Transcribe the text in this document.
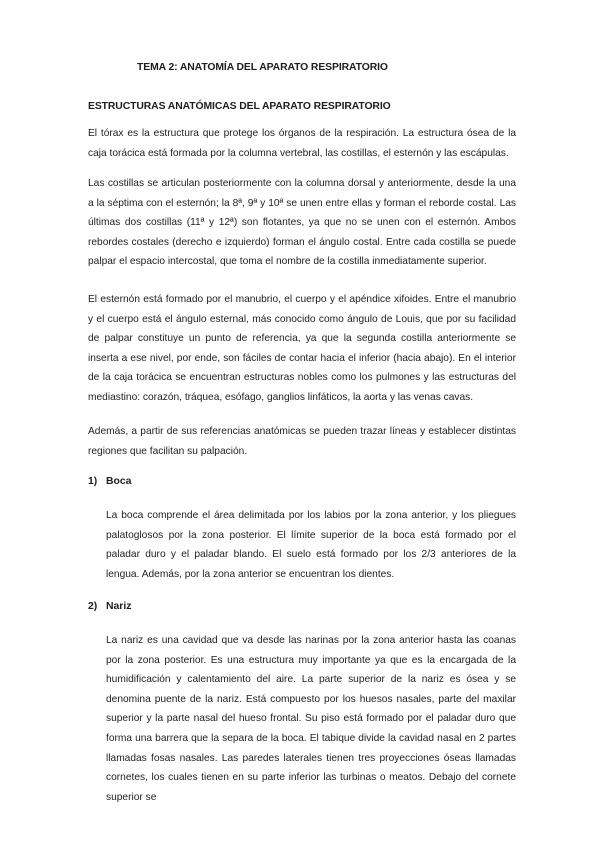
TEMA 2: ANATOMÍA DEL APARATO RESPIRATORIO
ESTRUCTURAS ANATÓMICAS DEL APARATO RESPIRATORIO

El tórax es la estructura que protege los órganos de la respiración. La estructura ósea de la caja torácica está formada por la columna vertebral, las costillas, el esternón y las escápulas.

Las costillas se articulan posteriormente con la columna dorsal y anteriormente, desde la una a la séptima con el esternón; la 8ª, 9ª y 10ª se unen entre ellas y forman el reborde costal. Las últimas dos costillas (11ª y 12ª) son flotantes, ya que no se unen con el esternón. Ambos rebordes costales (derecho e izquierdo) forman el ángulo costal. Entre cada costilla se puede palpar el espacio intercostal, que toma el nombre de la costilla inmediatamente superior.

El esternón está formado por el manubrio, el cuerpo y el apéndice xifoides. Entre el manubrio y el cuerpo está el ángulo esternal, más conocido como ángulo de Louis, que por su facilidad de palpar constituye un punto de referencia, ya que la segunda costilla anteriormente se inserta a ese nivel, por ende, son fáciles de contar hacia el inferior (hacia abajo). En el interior de la caja torácica se encuentran estructuras nobles como los pulmones y las estructuras del mediastino: corazón, tráquea, esófago, ganglios linfáticos, la aorta y las venas cavas.

Además, a partir de sus referencias anatómicas se pueden trazar líneas y establecer distintas regiones que facilitan su palpación.

1) Boca

La boca comprende el área delimitada por los labios por la zona anterior, y los pliegues palatoglosos por la zona posterior. El límite superior de la boca está formado por el paladar duro y el paladar blando. El suelo está formado por los 2/3 anteriores de la lengua. Además, por la zona anterior se encuentran los dientes.

2) Nariz

La nariz es una cavidad que va desde las narinas por la zona anterior hasta las coanas por la zona posterior. Es una estructura muy importante ya que es la encargada de la humidificación y calentamiento del aire. La parte superior de la nariz es ósea y se denomina puente de la nariz. Está compuesto por los huesos nasales, parte del maxilar superior y la parte nasal del hueso frontal. Su piso está formado por el paladar duro que forma una barrera que la separa de la boca. El tabique divide la cavidad nasal en 2 partes llamadas fosas nasales. Las paredes laterales tienen tres proyecciones óseas llamadas cornetes, los cuales tienen en su parte inferior las turbinas o meatos. Debajo del cornete superior se
